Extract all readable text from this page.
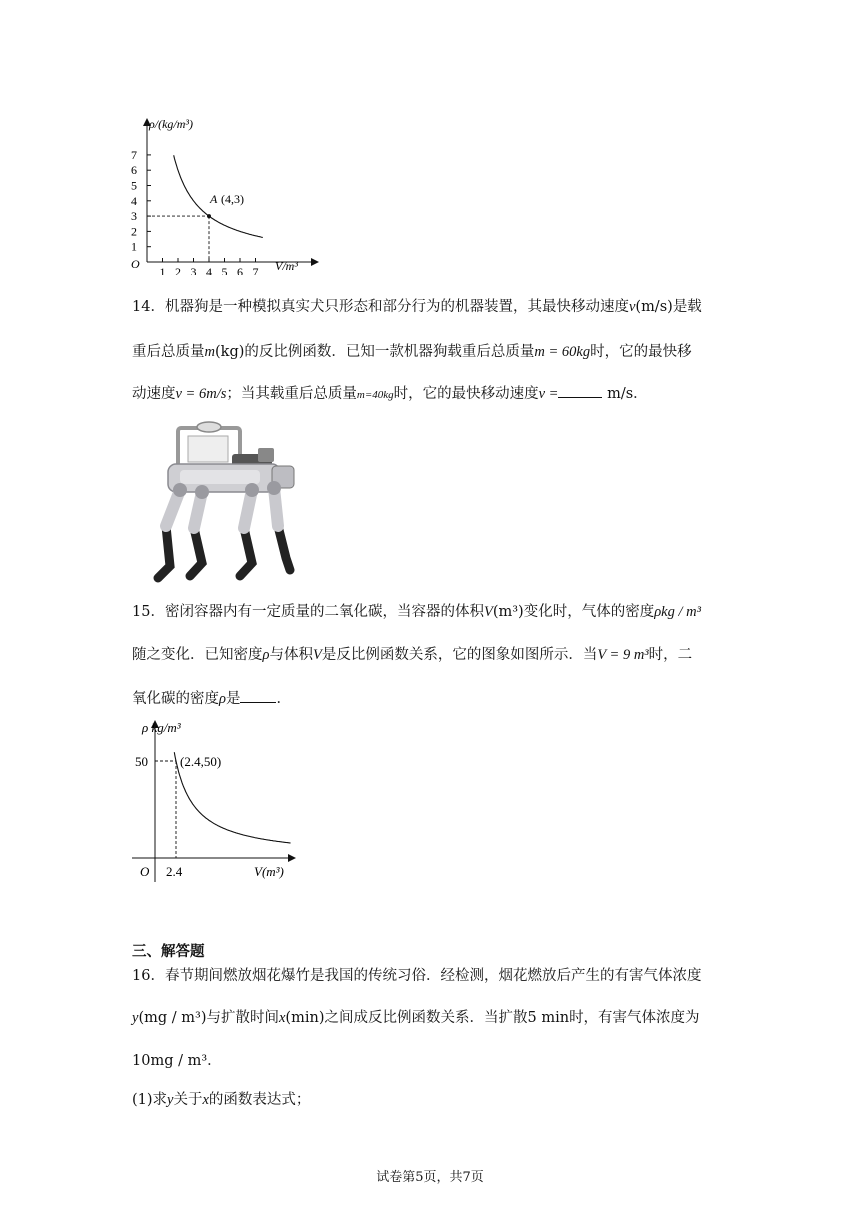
1
2
3
4
5
6
7
1 2 3 4 5 6 7
A (4,3)
ρ/(kg/m³)
V/m³
O
14．机器狗是一种模拟真实犬只形态和部分行为的机器装置，其最快移动速度v(m/s)是载
重后总质量m(kg)的反比例函数．已知一款机器狗载重后总质量m = 60kg时，它的最快移
动速度v = 6m/s；当其载重后总质量m=40kg时，它的最快移动速度v =	m/s．
15．密闭容器内有一定质量的二氧化碳，当容器的体积V(m³)变化时，气体的密度ρkg / m³
随之变化．已知密度ρ与体积V是反比例函数关系，它的图象如图所示．当V = 9 m³时，二
氧化碳的密度ρ是 ．
ρ kg/m³
V(m³)
O
50
2.4
(2.4,50)
三、解答题
16．春节期间燃放烟花爆竹是我国的传统习俗．经检测，烟花燃放后产生的有害气体浓度
y(mg / m³)与扩散时间x(min)之间成反比例函数关系．当扩散5 min时，有害气体浓度为
10mg / m³．
(1)求y关于x的函数表达式；
试卷第5页，共7页
